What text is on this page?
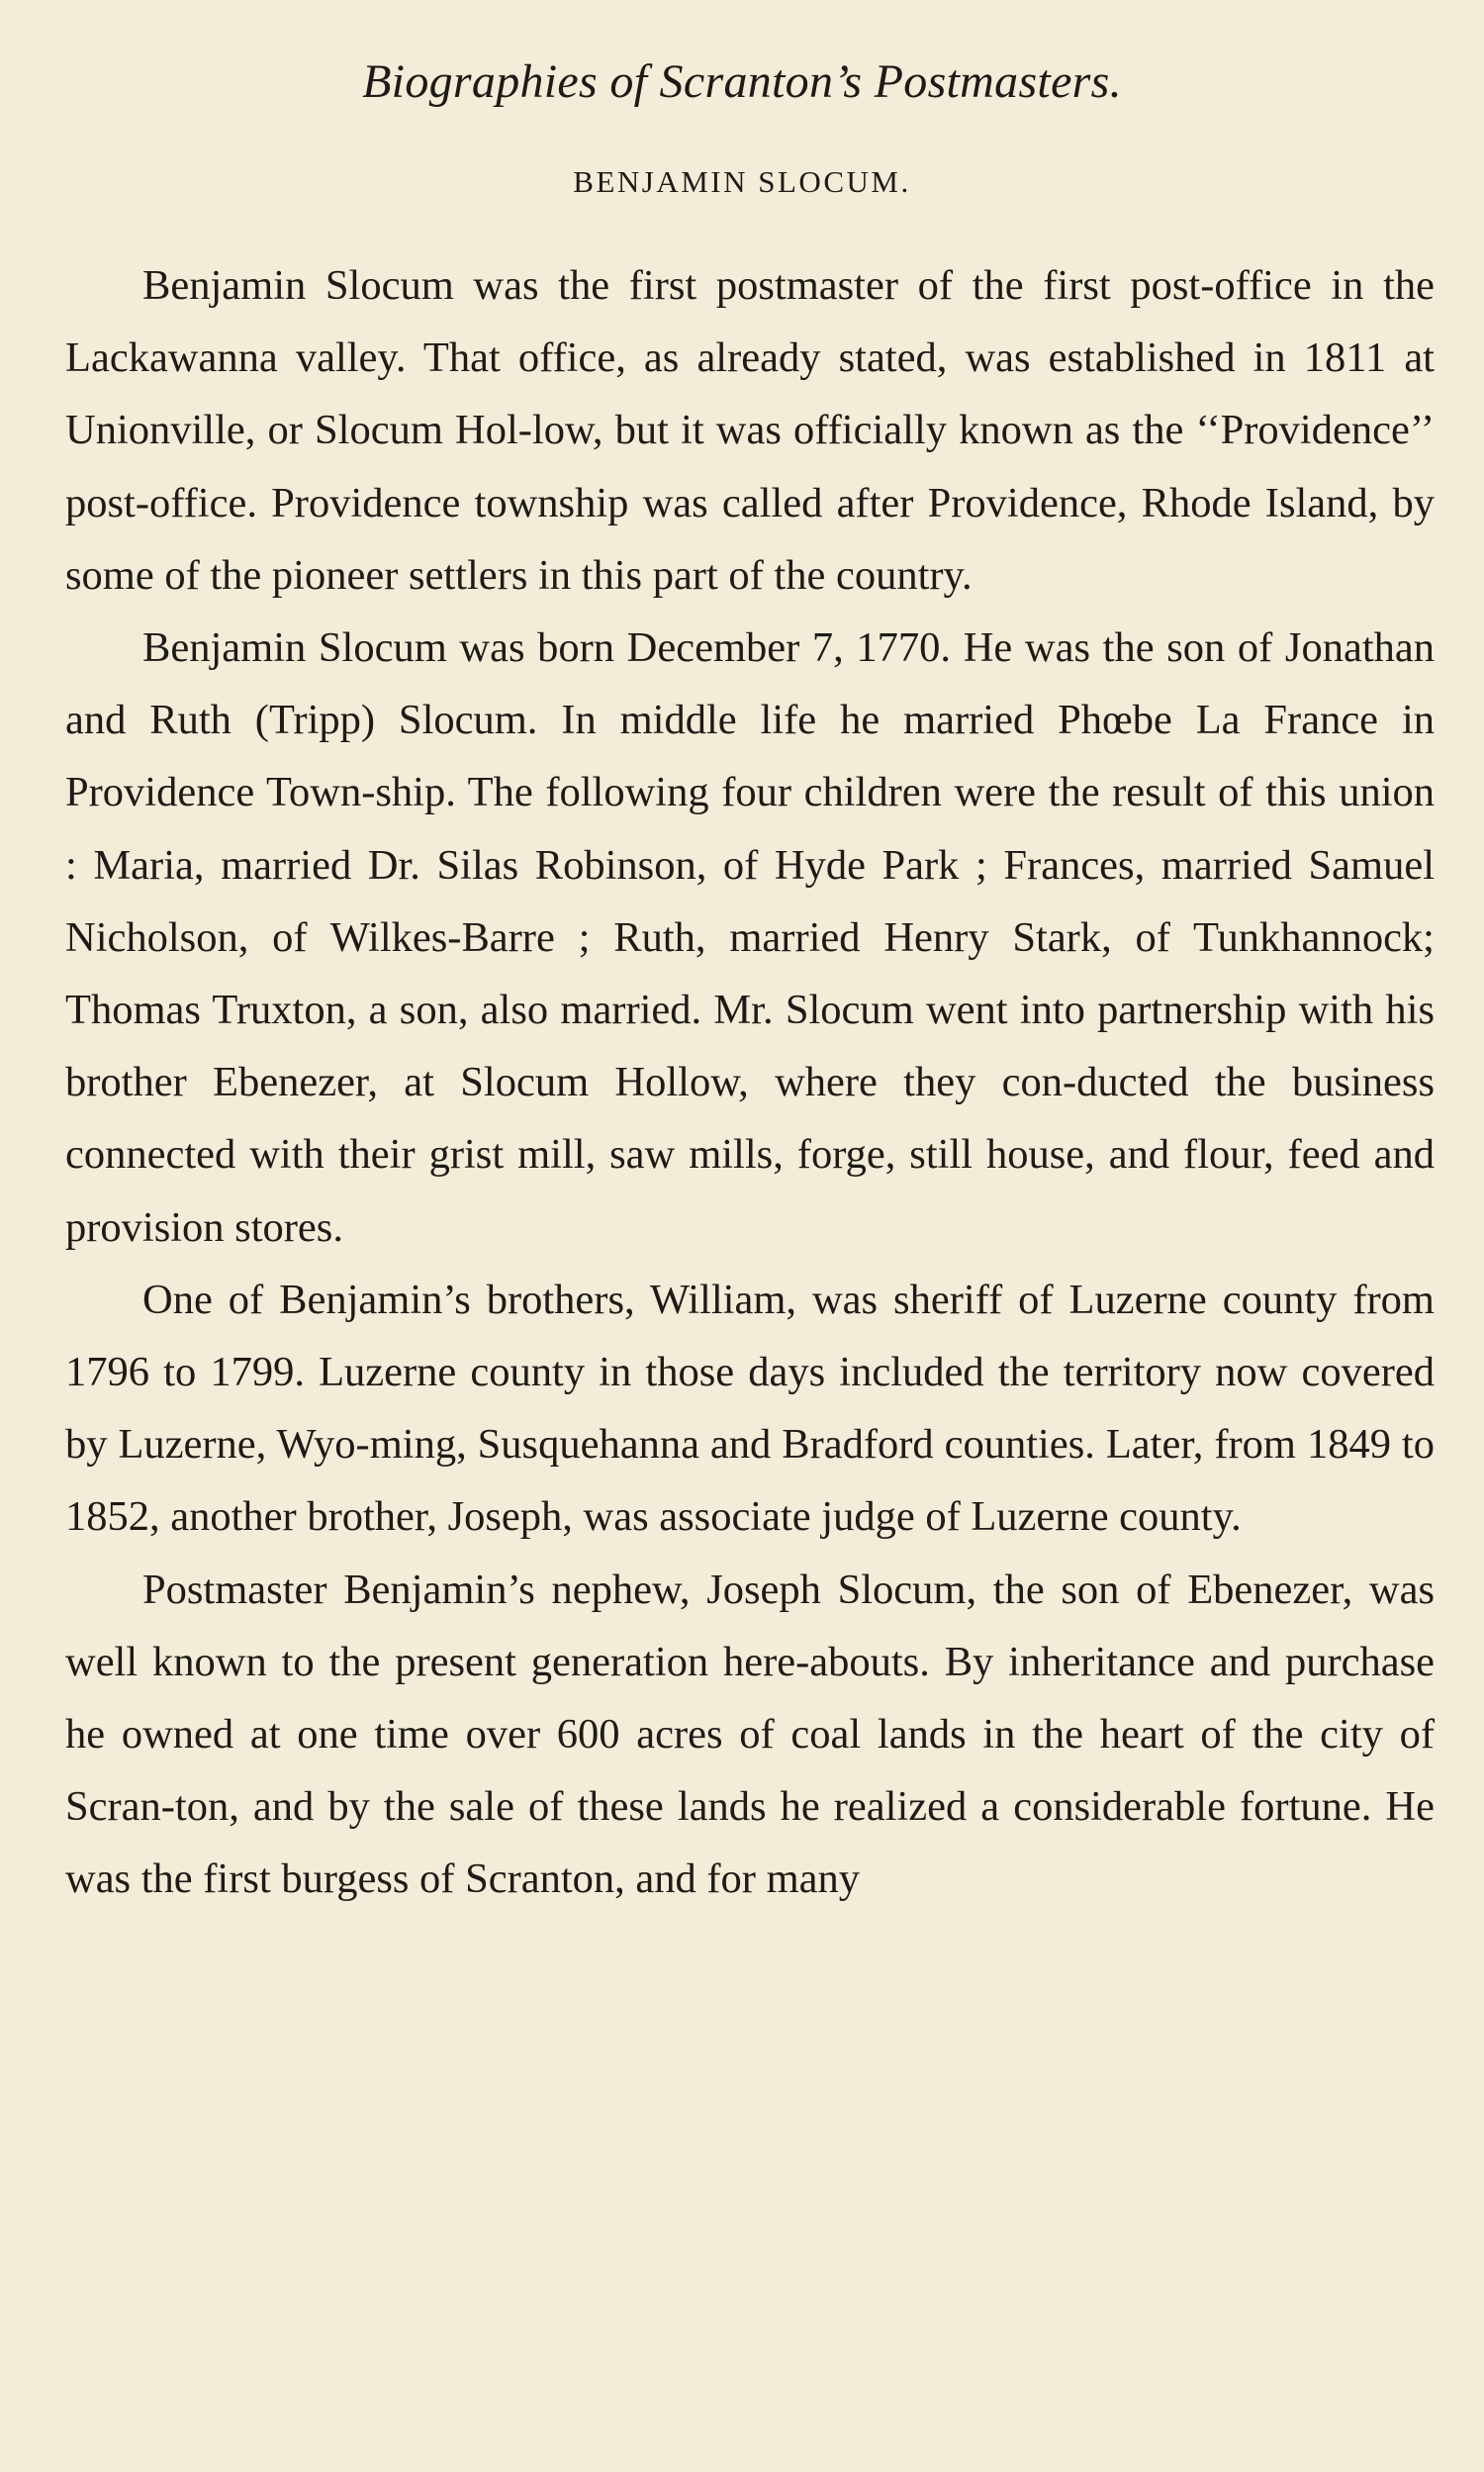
Biographies of Scranton’s Postmasters.
BENJAMIN SLOCUM.

Benjamin Slocum was the first postmaster of the first post-office in the Lackawanna valley. That office, as already stated, was established in 1811 at Unionville, or Slocum Hol-low, but it was officially known as the ‘‘Providence’’ post-office. Providence township was called after Providence, Rhode Island, by some of the pioneer settlers in this part of the country.

Benjamin Slocum was born December 7, 1770. He was the son of Jonathan and Ruth (Tripp) Slocum. In middle life he married Phœbe La France in Providence Town-ship. The following four children were the result of this union : Maria, married Dr. Silas Robinson, of Hyde Park ; Frances, married Samuel Nicholson, of Wilkes-Barre ; Ruth, married Henry Stark, of Tunkhannock; Thomas Truxton, a son, also married. Mr. Slocum went into partnership with his brother Ebenezer, at Slocum Hollow, where they con-ducted the business connected with their grist mill, saw mills, forge, still house, and flour, feed and provision stores.

One of Benjamin’s brothers, William, was sheriff of Luzerne county from 1796 to 1799. Luzerne county in those days included the territory now covered by Luzerne, Wyo-ming, Susquehanna and Bradford counties. Later, from 1849 to 1852, another brother, Joseph, was associate judge of Luzerne county.

Postmaster Benjamin’s nephew, Joseph Slocum, the son of Ebenezer, was well known to the present generation here-abouts. By inheritance and purchase he owned at one time over 600 acres of coal lands in the heart of the city of Scran-ton, and by the sale of these lands he realized a considerable fortune. He was the first burgess of Scranton, and for many
